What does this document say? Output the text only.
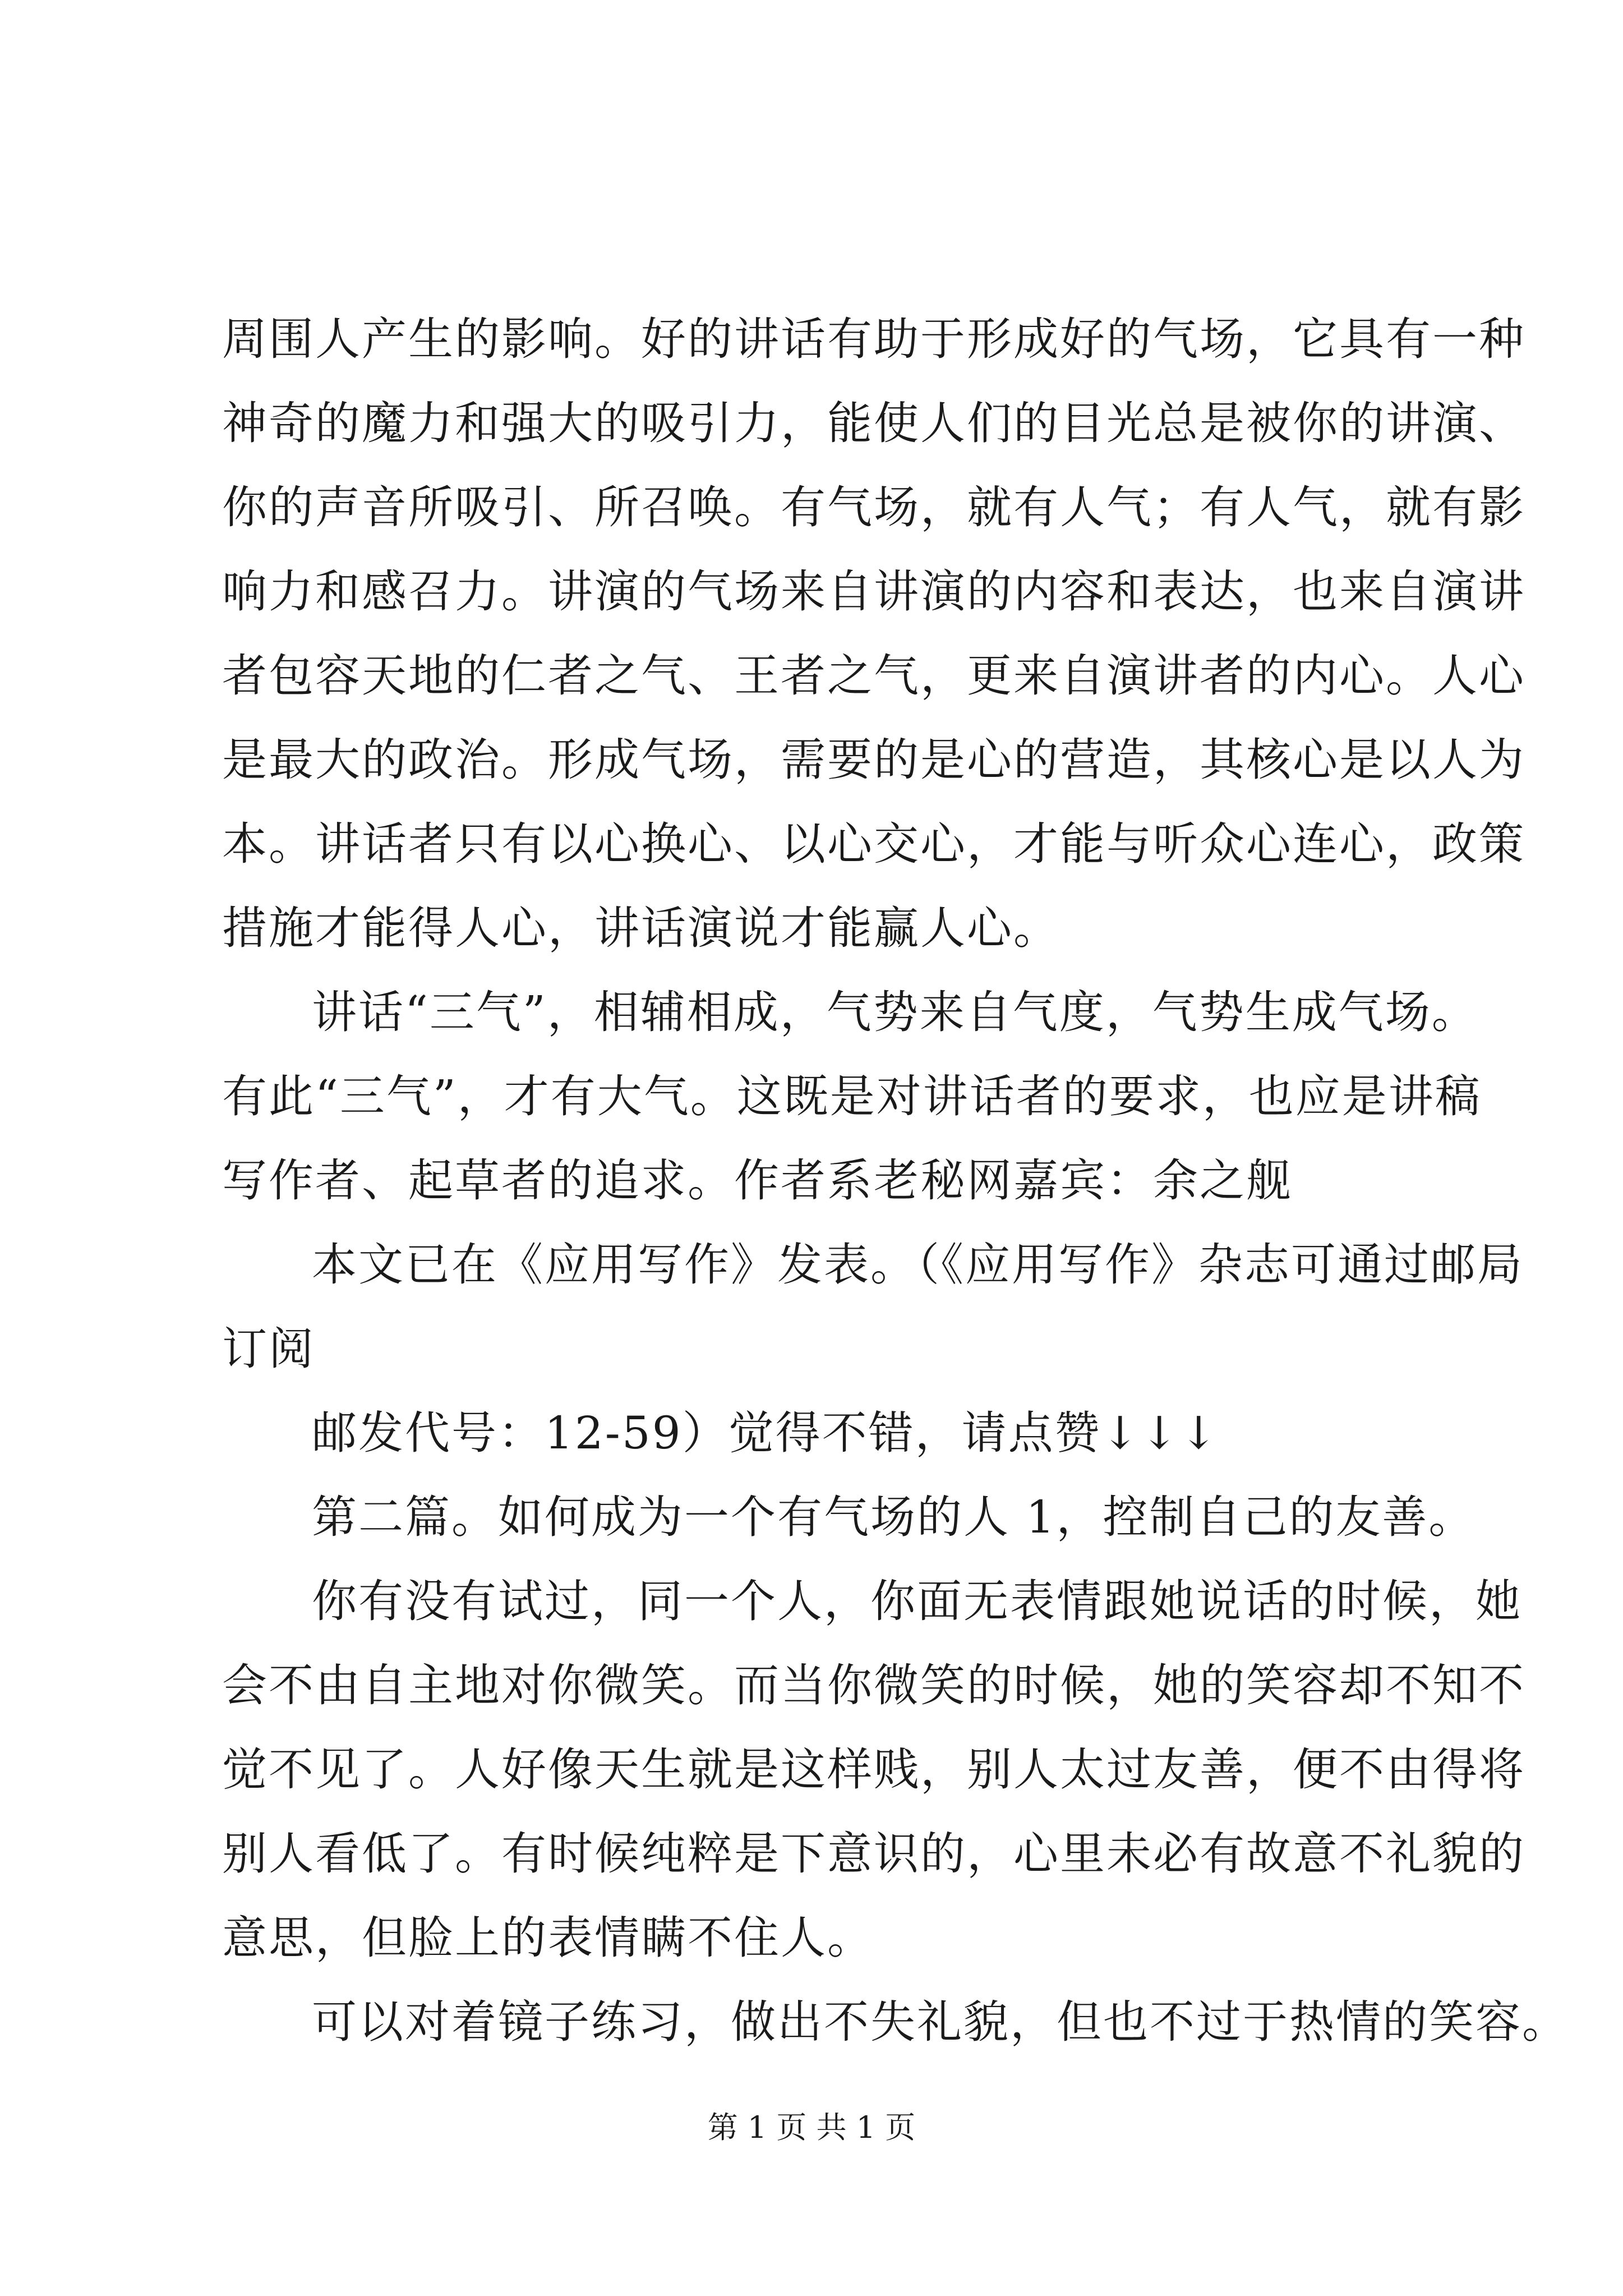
周围人产生的影响。好的讲话有助于形成好的气场，它具有一种
神奇的魔力和强大的吸引力，能使人们的目光总是被你的讲演、
你的声音所吸引、所召唤。有气场，就有人气；有人气，就有影
响力和感召力。讲演的气场来自讲演的内容和表达，也来自演讲
者包容天地的仁者之气、王者之气，更来自演讲者的内心。人心
是最大的政治。形成气场，需要的是心的营造，其核心是以人为
本。讲话者只有以心换心、以心交心，才能与听众心连心，政策
措施才能得人心，讲话演说才能赢人心。
讲话“三气”，相辅相成，气势来自气度，气势生成气场。
有此“三气”，才有大气。这既是对讲话者的要求，也应是讲稿
写作者、起草者的追求。作者系老秘网嘉宾：余之舰
本文已在《应用写作》发表。（《应用写作》杂志可通过邮局
订阅
邮发代号：12-59）觉得不错，请点赞↓↓↓
第二篇。如何成为一个有气场的人 1，控制自己的友善。
你有没有试过，同一个人，你面无表情跟她说话的时候，她
会不由自主地对你微笑。而当你微笑的时候，她的笑容却不知不
觉不见了。人好像天生就是这样贱，别人太过友善，便不由得将
别人看低了。有时候纯粹是下意识的，心里未必有故意不礼貌的
意思，但脸上的表情瞒不住人。
可以对着镜子练习，做出不失礼貌，但也不过于热情的笑容。
第 1 页 共 1 页
